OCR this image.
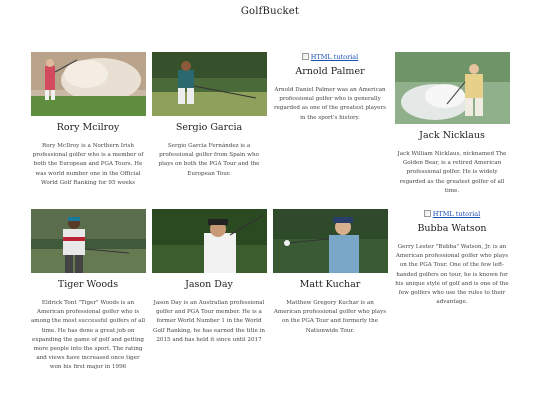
GolfBucket
Rory Mcilroy
Rory McIlroy is a Northern Irish professional golfer who is a member of both the European and PGA Tours. He was world number one in the Official World Golf Ranking for 95 weeks
Sergio Garcia
Sergio Garcia Fernández is a professional golfer from Spain who plays on both the PGA Tour and the European Tour.
HTML tutorial
Arnold Palmer
Arnold Daniel Palmer was an American professional golfer who is generally regarded as one of the greatest players in the sport's history.
Jack Nicklaus
Jack William Nicklaus, nicknamed The Golden Bear, is a retired American professional golfer. He is widely regarded as the greatest golfer of all time.
Tiger Woods
Eldrick Tont "Tiger" Woods is an American professional golfer who is among the most successful golfers of all time. He has done a great job on expanding the game of golf and getting more people into the sport. The rating and views have increased once tiger won his first major in 1996
Jason Day
Jason Day is an Australian professional golfer and PGA Tour member. He is a former World Number 1 in the World Golf Ranking, he has earned the title in 2015 and has held it since until 2017
Matt Kuchar
Matthew Gregory Kuchar is an American professional golfer who plays on the PGA Tour and formerly the Nationwide Tour.
HTML tutorial
Bubba Watson
Gerry Lester "Bubba" Watson, Jr. is an American professional golfer who plays on the PGA Tour. One of the few left-handed golfers on tour, he is known for his unique style of golf and is one of the few golfers who use the rules to their advantage.
